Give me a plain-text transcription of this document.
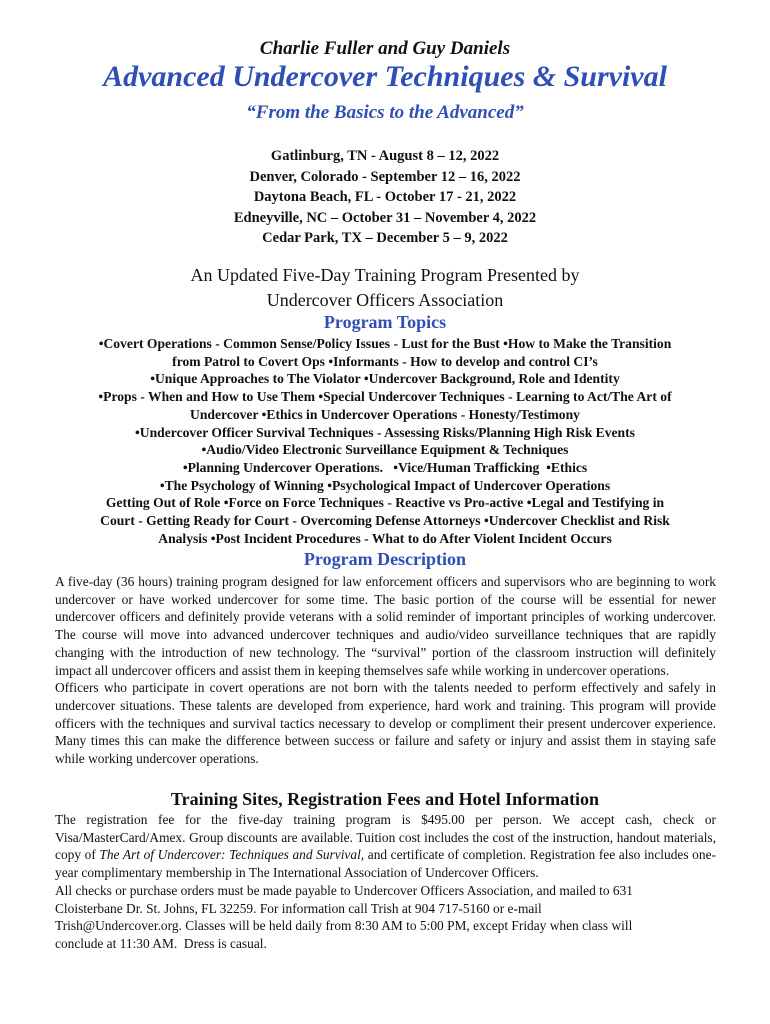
Charlie Fuller and Guy Daniels
Advanced Undercover Techniques & Survival
“From the Basics to the Advanced”
Gatlinburg, TN - August 8 – 12, 2022
Denver, Colorado - September 12 – 16, 2022
Daytona Beach, FL - October 17 - 21, 2022
Edneyville, NC – October 31 – November 4, 2022
Cedar Park, TX – December 5 – 9, 2022
An Updated Five-Day Training Program Presented by
Undercover Officers Association
Program Topics
•Covert Operations - Common Sense/Policy Issues - Lust for the Bust •How to Make the Transition
from Patrol to Covert Ops •Informants - How to develop and control CI’s
•Unique Approaches to The Violator •Undercover Background, Role and Identity
•Props - When and How to Use Them •Special Undercover Techniques - Learning to Act/The Art of
Undercover •Ethics in Undercover Operations - Honesty/Testimony
•Undercover Officer Survival Techniques - Assessing Risks/Planning High Risk Events
•Audio/Video Electronic Surveillance Equipment & Techniques
•Planning Undercover Operations.   •Vice/Human Trafficking  •Ethics
•The Psychology of Winning •Psychological Impact of Undercover Operations
Getting Out of Role •Force on Force Techniques - Reactive vs Pro-active •Legal and Testifying in
Court - Getting Ready for Court - Overcoming Defense Attorneys •Undercover Checklist and Risk
Analysis •Post Incident Procedures - What to do After Violent Incident Occurs
Program Description

A five-day (36 hours) training program designed for law enforcement officers and supervisors who are beginning to work undercover or have worked undercover for some time. The basic portion of the course will be essential for newer undercover officers and definitely provide veterans with a solid reminder of important principles of working undercover. The course will move into advanced undercover techniques and audio/video surveillance techniques that are rapidly changing with the introduction of new technology. The “survival” portion of the classroom instruction will definitely impact all undercover officers and assist them in keeping themselves safe while working in undercover operations.

Officers who participate in covert operations are not born with the talents needed to perform effectively and safely in undercover situations. These talents are developed from experience, hard work and training. This program will provide officers with the techniques and survival tactics necessary to develop or compliment their present undercover experience. Many times this can make the difference between success or failure and safety or injury and assist them in staying safe while working undercover operations.

Training Sites, Registration Fees and Hotel Information

The registration fee for the five-day training program is $495.00 per person. We accept cash, check or Visa/MasterCard/Amex. Group discounts are available. Tuition cost includes the cost of the instruction, handout materials, copy of The Art of Undercover: Techniques and Survival, and certificate of completion. Registration fee also includes one-year complimentary membership in The International Association of Undercover Officers.

All checks or purchase orders must be made payable to Undercover Officers Association, and mailed to 631

Cloisterbane Dr. St. Johns, FL 32259. For information call Trish at 904 717-5160 or e-mail

Trish@Undercover.org. Classes will be held daily from 8:30 AM to 5:00 PM, except Friday when class will

conclude at 11:30 AM.  Dress is casual.
